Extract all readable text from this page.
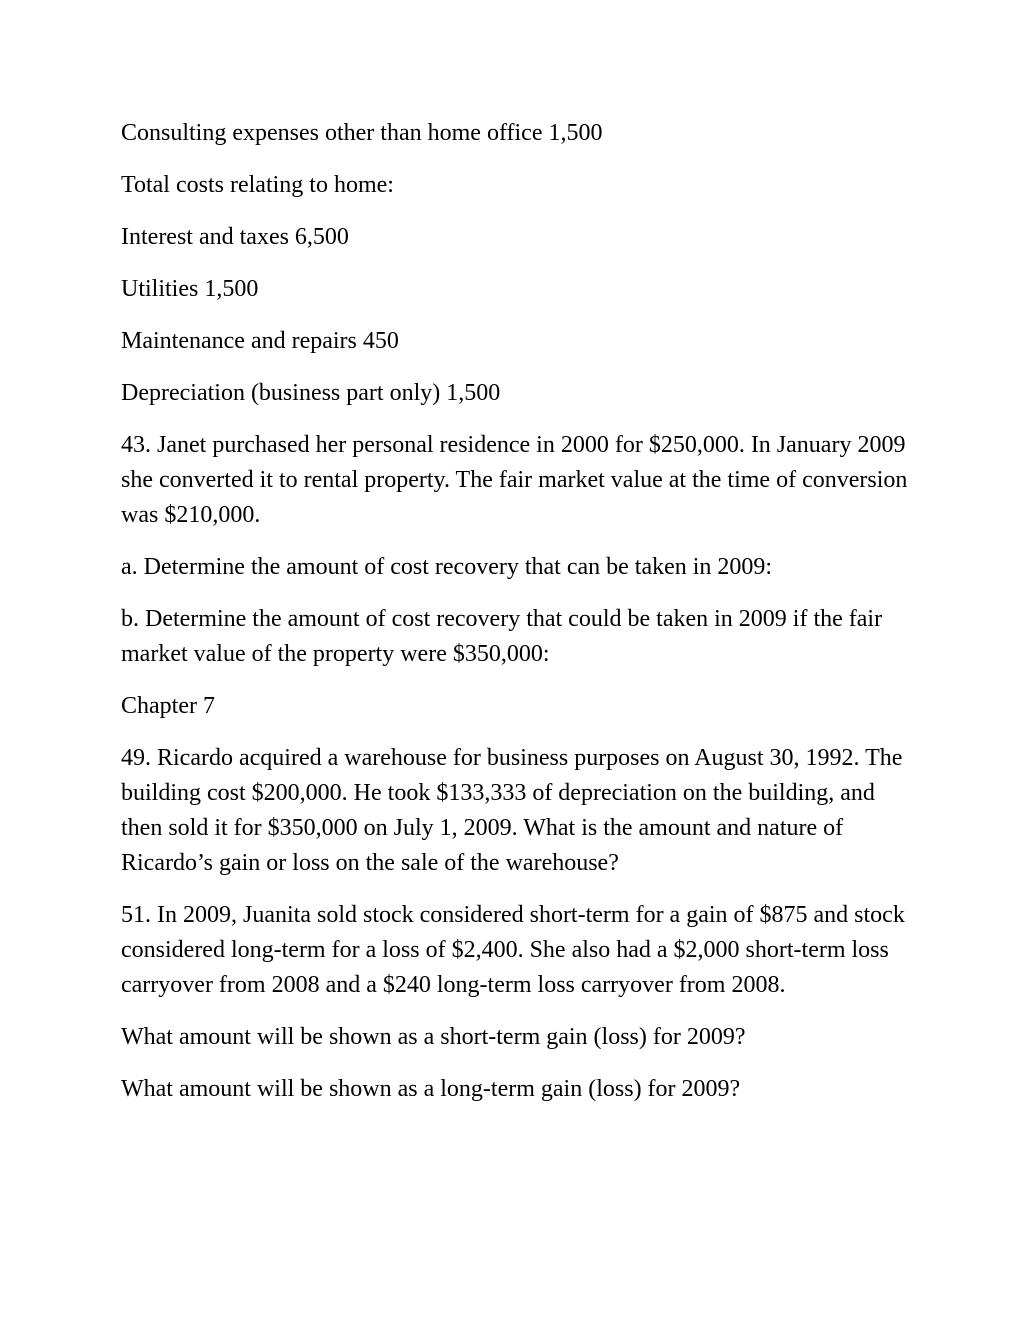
Consulting expenses other than home office 1,500

Total costs relating to home:

Interest and taxes 6,500

Utilities 1,500

Maintenance and repairs 450

Depreciation (business part only) 1,500

43. Janet purchased her personal residence in 2000 for $250,000. In January 2009 she converted it to rental property. The fair market value at the time of conversion was $210,000.

a. Determine the amount of cost recovery that can be taken in 2009:

b. Determine the amount of cost recovery that could be taken in 2009 if the fair market value of the property were $350,000:

Chapter 7

49. Ricardo acquired a warehouse for business purposes on August 30, 1992. The building cost $200,000. He took $133,333 of depreciation on the building, and then sold it for $350,000 on July 1, 2009. What is the amount and nature of Ricardo’s gain or loss on the sale of the warehouse?

51. In 2009, Juanita sold stock considered short-term for a gain of $875 and stock considered long-term for a loss of $2,400. She also had a $2,000 short-term loss carryover from 2008 and a $240 long-term loss carryover from 2008.

What amount will be shown as a short-term gain (loss) for 2009?

What amount will be shown as a long-term gain (loss) for 2009?
